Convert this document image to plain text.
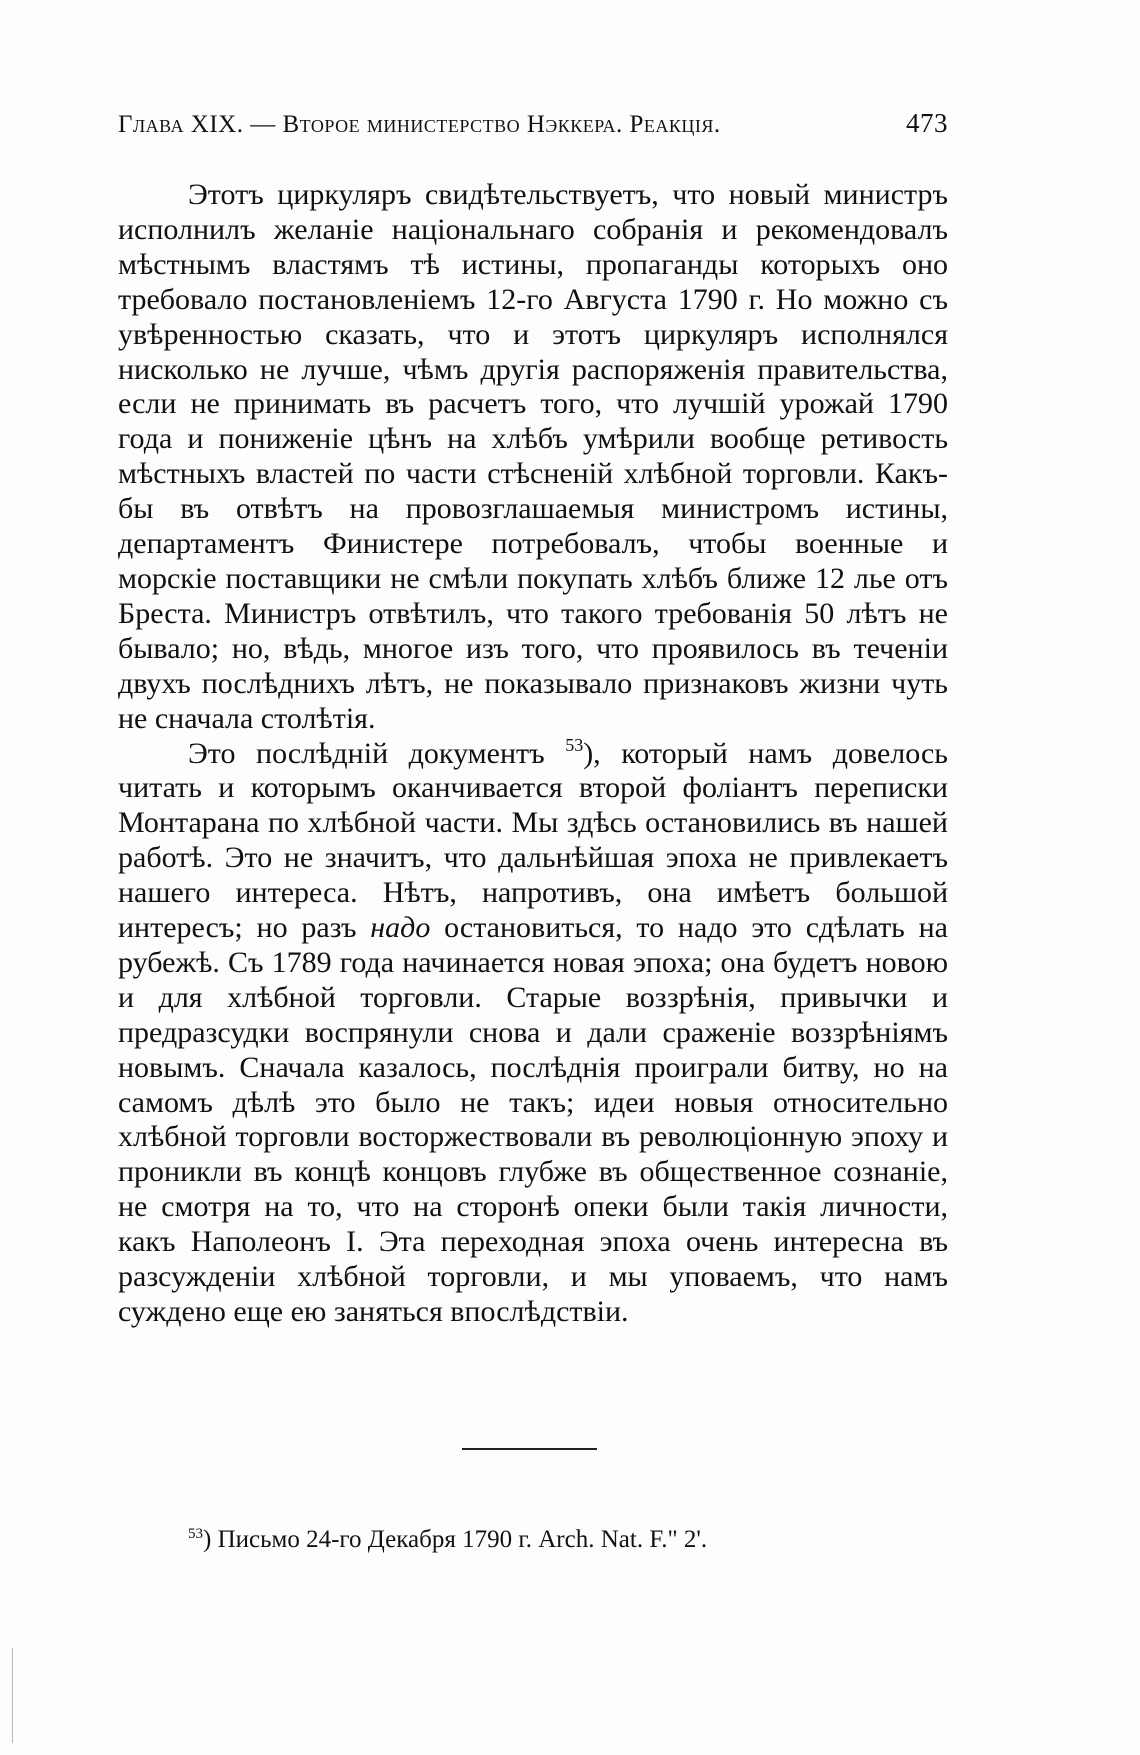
Глава XIX. — Второе министерство Нэккера. Реакція.	473

Этотъ циркуляръ свидѣтельствуетъ, что новый министръ исполнилъ желаніе національнаго собранія и рекомендовалъ мѣстнымъ властямъ тѣ истины, пропаганды которыхъ оно требовало постановленіемъ 12-го Августа 1790 г. Но можно съ увѣренностью сказать, что и этотъ циркуляръ исполнялся нисколько не лучше, чѣмъ другія распоряженія правительства, если не принимать въ расчетъ того, что лучшій урожай 1790 года и пониженіе цѣнъ на хлѣбъ умѣрили вообще ретивость мѣстныхъ властей по части стѣсненій хлѣбной торговли. Какъ-бы въ отвѣтъ на провозглашаемыя министромъ истины, департаментъ Финистере потребовалъ, чтобы военные и морскіе поставщики не смѣли покупать хлѣбъ ближе 12 лье отъ Бреста. Министръ отвѣтилъ, что такого требованія 50 лѣтъ не бывало; но, вѣдь, многое изъ того, что проявилось въ теченіи двухъ послѣднихъ лѣтъ, не показывало признаковъ жизни чуть не сначала столѣтія.

Это послѣдній документъ $^{53}$), который намъ довелось читать и которымъ оканчивается второй фоліантъ переписки Монтарана по хлѣбной части. Мы здѣсь остановились въ нашей работѣ. Это не значитъ, что дальнѣйшая эпоха не привлекаетъ нашего интереса. Нѣтъ, напротивъ, она имѣетъ большой интересъ; но разъ надо остановиться, то надо это сдѣлать на рубежѣ. Съ 1789 года начинается новая эпоха; она будетъ новою и для хлѣбной торговли. Старые воззрѣнія, привычки и предразсудки воспрянули снова и дали сраженіе воззрѣніямъ новымъ. Сначала казалось, послѣднія проиграли битву, но на самомъ дѣлѣ это было не такъ; идеи новыя относительно хлѣбной торговли восторжествовали въ революціонную эпоху и проникли въ концѣ концовъ глубже въ общественное сознаніе, не смотря на то, что на сторонѣ опеки были такія личности, какъ Наполеонъ I. Эта переходная эпоха очень интересна въ разсужденіи хлѣбной торговли, и мы уповаемъ, что намъ суждено еще ею заняться впослѣдствіи.

$^{53}$) Письмо 24-го Декабря 1790 г. Arch. Nat. F." 2'.
